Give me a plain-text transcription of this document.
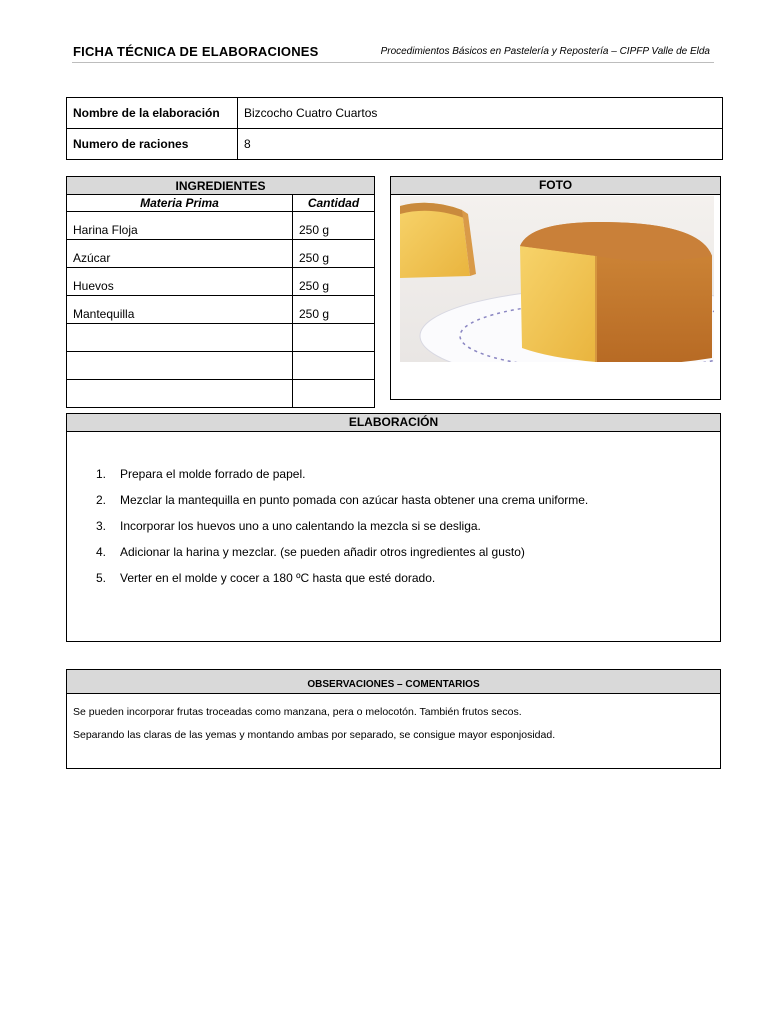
FICHA TÉCNICA DE ELABORACIONES	Procedimientos Básicos en Pastelería y Repostería – CIPFP Valle de Elda
Nombre de la elaboración	Bizcocho Cuatro Cuartos
Numero de raciones	8
INGREDIENTES	
Materia Prima	Cantidad
Harina Floja	250 g
Azúcar	250 g
Huevos	250 g
Mantequilla	250 g

FOTO
ELABORACIÓN
1.	Prepara el molde forrado de papel.
2.	Mezclar la mantequilla en punto pomada con azúcar hasta obtener una crema uniforme.
3.	Incorporar los huevos uno a uno calentando la mezcla si se desliga.
4.	Adicionar la harina y mezclar. (se pueden añadir otros ingredientes al gusto)
5.	Verter en el molde y cocer a 180 ºC hasta que esté dorado.
OBSERVACIONES – COMENTARIOS
Se pueden incorporar frutas troceadas como manzana, pera o melocotón. También frutos secos.
Separando las claras de las yemas y montando ambas por separado, se consigue mayor esponjosidad.
